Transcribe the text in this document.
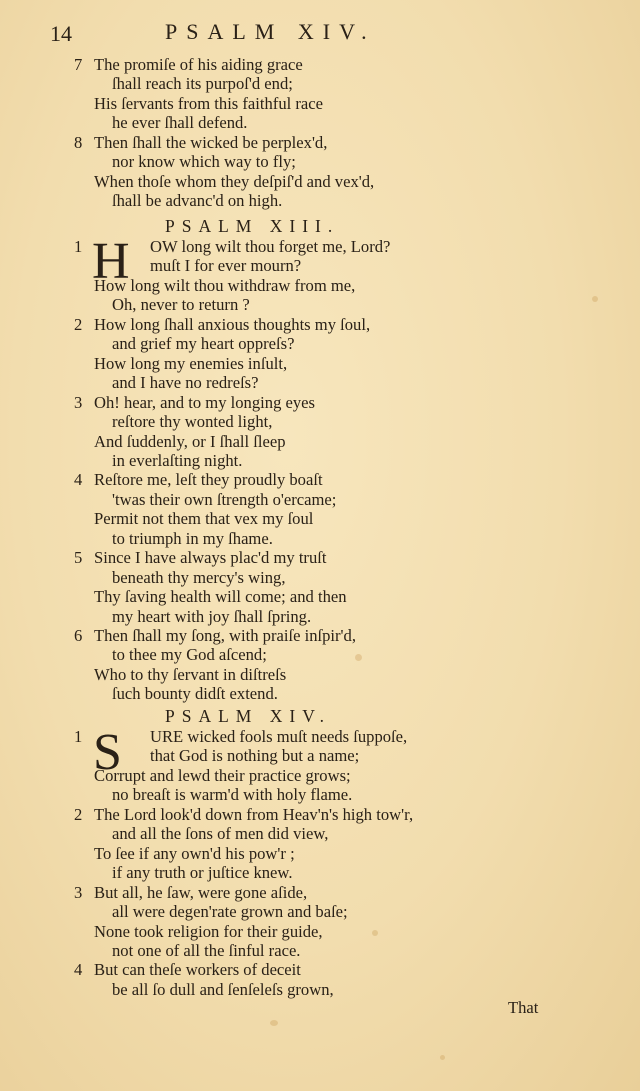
14	PSALM XIV.
7 The promiſe of his aiding grace
ſhall reach its purpoſ'd end;
His ſervants from this faithful race
he ever ſhall defend.
8 Then ſhall the wicked be perplex'd,
nor know which way to fly;
When thoſe whom they deſpiſ'd and vex'd,
ſhall be advanc'd on high.
PSALM XIII.
H
1	OW long wilt thou forget me, Lord?
muſt I for ever mourn?
How long wilt thou withdraw from me,
Oh, never to return ?
2 How long ſhall anxious thoughts my ſoul,
and grief my heart oppreſs?
How long my enemies inſult,
and I have no redreſs?
3 Oh! hear, and to my longing eyes
reſtore thy wonted light,
And ſuddenly, or I ſhall ſleep
in everlaſting night.
4 Reſtore me, leſt they proudly boaſt
'twas their own ſtrength o'ercame;
Permit not them that vex my ſoul
to triumph in my ſhame.
5 Since I have always plac'd my truſt
beneath thy mercy's wing,
Thy ſaving health will come; and then
my heart with joy ſhall ſpring.
6 Then ſhall my ſong, with praiſe inſpir'd,
to thee my God aſcend;
Who to thy ſervant in diſtreſs
ſuch bounty didſt extend.
PSALM XIV.
S
1	URE wicked fools muſt needs ſuppoſe,
that God is nothing but a name;
Corrupt and lewd their practice grows;
no breaſt is warm'd with holy flame.
2 The Lord look'd down from Heav'n's high tow'r,
and all the ſons of men did view,
To ſee if any own'd his pow'r ;
if any truth or juſtice knew.
3 But all, he ſaw, were gone aſide,
all were degen'rate grown and baſe;
None took religion for their guide,
not one of all the ſinful race.
4 But can theſe workers of deceit
be all ſo dull and ſenſeleſs grown,
That
